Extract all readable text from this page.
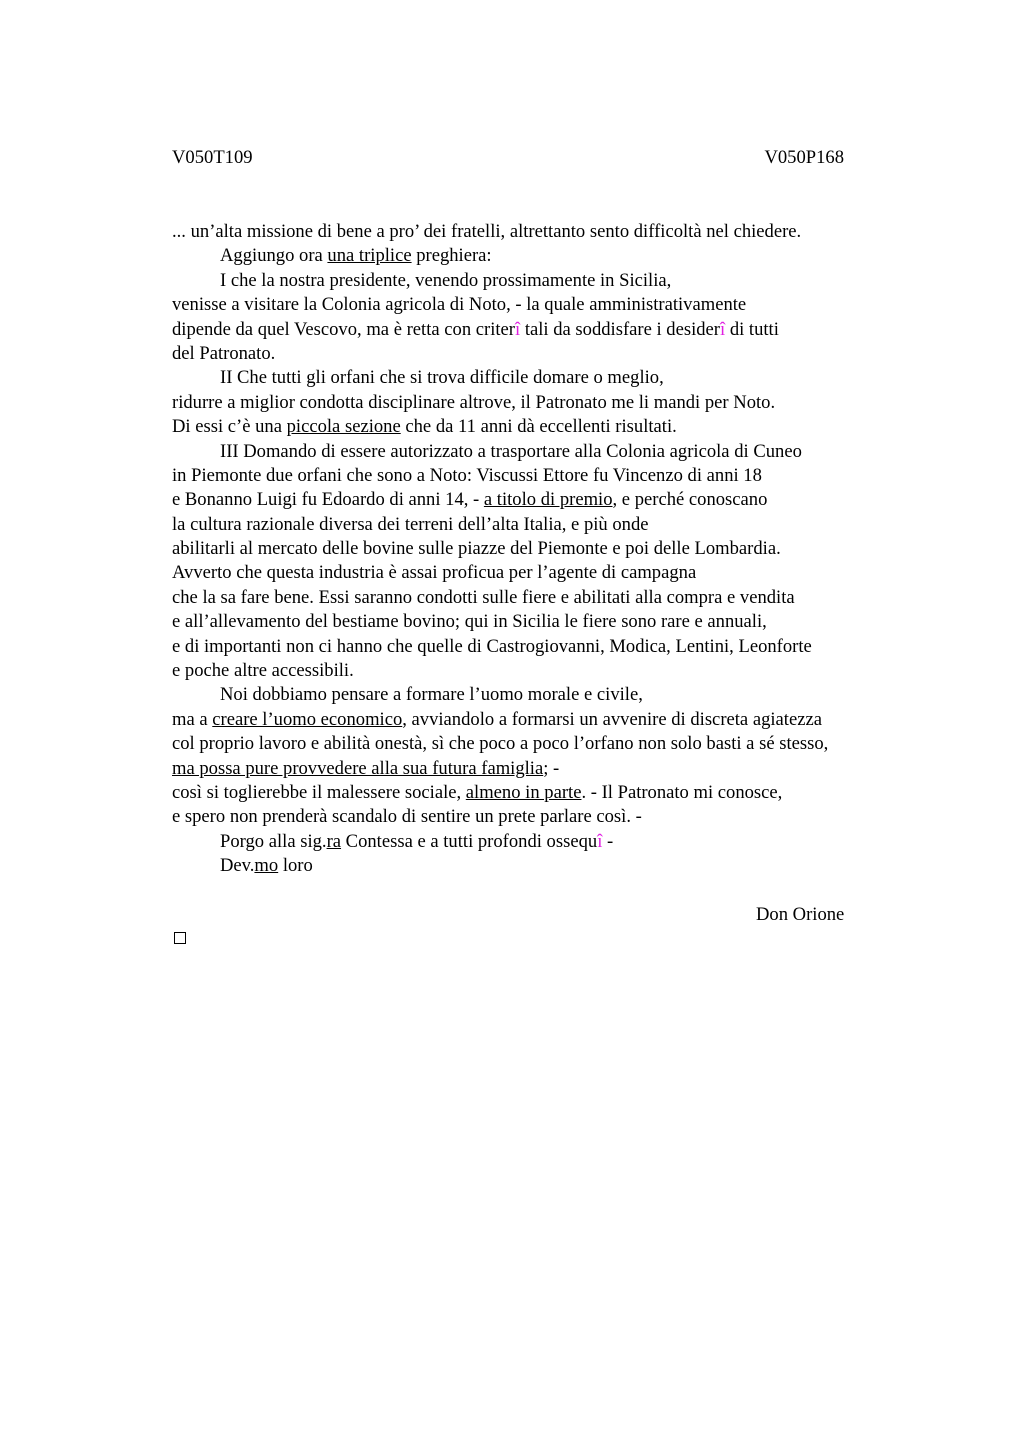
V050T109	V050P168
... un’alta missione di bene a pro’ dei fratelli, altrettanto sento difficoltà nel chiedere.
Aggiungo ora una triplice preghiera:
I che la nostra presidente, venendo prossimamente in Sicilia,
venisse a visitare la Colonia agricola di Noto, - la quale amministrativamente
dipende da quel Vescovo, ma è retta con criterî tali da soddisfare i desiderî di tutti
del Patronato.
II Che tutti gli orfani che si trova difficile domare o meglio,
ridurre a miglior condotta disciplinare altrove, il Patronato me li mandi per Noto.
Di essi c’è una piccola sezione che da 11 anni dà eccellenti risultati.
III Domando di essere autorizzato a trasportare alla Colonia agricola di Cuneo
in Piemonte due orfani che sono a Noto: Viscussi Ettore fu Vincenzo di anni 18
e Bonanno Luigi fu Edoardo di anni 14, - a titolo di premio, e perché conoscano
la cultura razionale diversa dei terreni dell’alta Italia, e più onde
abilitarli al mercato delle bovine sulle piazze del Piemonte e poi delle Lombardia.
Avverto che questa industria è assai proficua per l’agente di campagna
che la sa fare bene. Essi saranno condotti sulle fiere e abilitati alla compra e vendita
e all’allevamento del bestiame bovino; qui in Sicilia le fiere sono rare e annuali,
e di importanti non ci hanno che quelle di Castrogiovanni, Modica, Lentini, Leonforte
e poche altre accessibili.
Noi dobbiamo pensare a formare l’uomo morale e civile,
ma a creare l’uomo economico, avviandolo a formarsi un avvenire di discreta agiatezza
col proprio lavoro e abilità onestà, sì che poco a poco l’orfano non solo basti a sé stesso,
ma possa pure provvedere alla sua futura famiglia; -
così si toglierebbe il malessere sociale, almeno in parte. - Il Patronato mi conosce,
e spero non prenderà scandalo di sentire un prete parlare così. -
Porgo alla sig.ra Contessa e a tutti profondi ossequî -
Dev.mo loro
Don Orione
